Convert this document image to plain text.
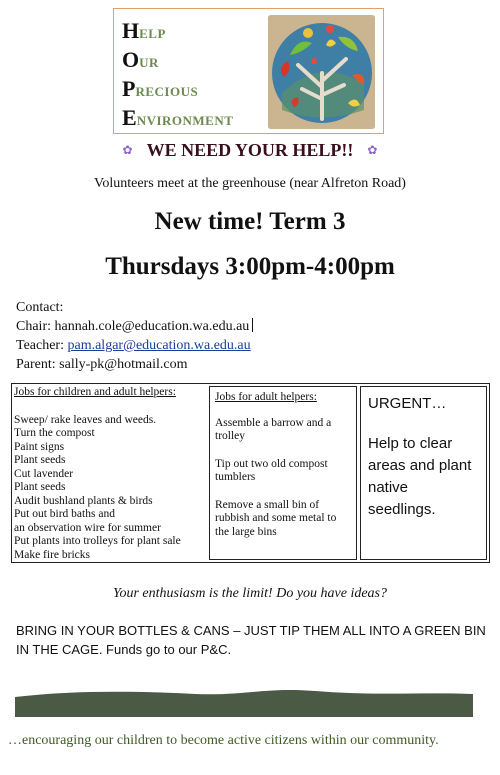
HELP
OUR
PRECIOUS
ENVIRONMENT
✿ WE NEED YOUR HELP!! ✿
Volunteers meet at the greenhouse (near Alfreton Road)
New time! Term 3
Thursdays 3:00pm-4:00pm
Contact:
Chair: hannah.cole@education.wa.edu.au
Teacher: pam.algar@education.wa.edu.au
Parent: sally-pk@hotmail.com
Jobs for children and adult helpers:
Sweep/ rake leaves and weeds.
Turn the compost
Paint signs
Plant seeds
Cut lavender
Plant seeds
Audit bushland plants & birds
Put out bird baths and
an observation wire for summer
Put plants into trolleys for plant sale
Make fire bricks
Jobs for adult helpers:
Assemble a barrow and a trolley
Tip out two old compost tumblers
Remove a small bin of rubbish and some metal to the large bins
URGENT…
Help to clear areas and plant native seedlings.
Your enthusiasm is the limit! Do you have ideas?
BRING IN YOUR BOTTLES & CANS – JUST TIP THEM ALL INTO A GREEN BIN IN THE CAGE. Funds go to our P&C.
…encouraging our children to become active citizens within our community.
